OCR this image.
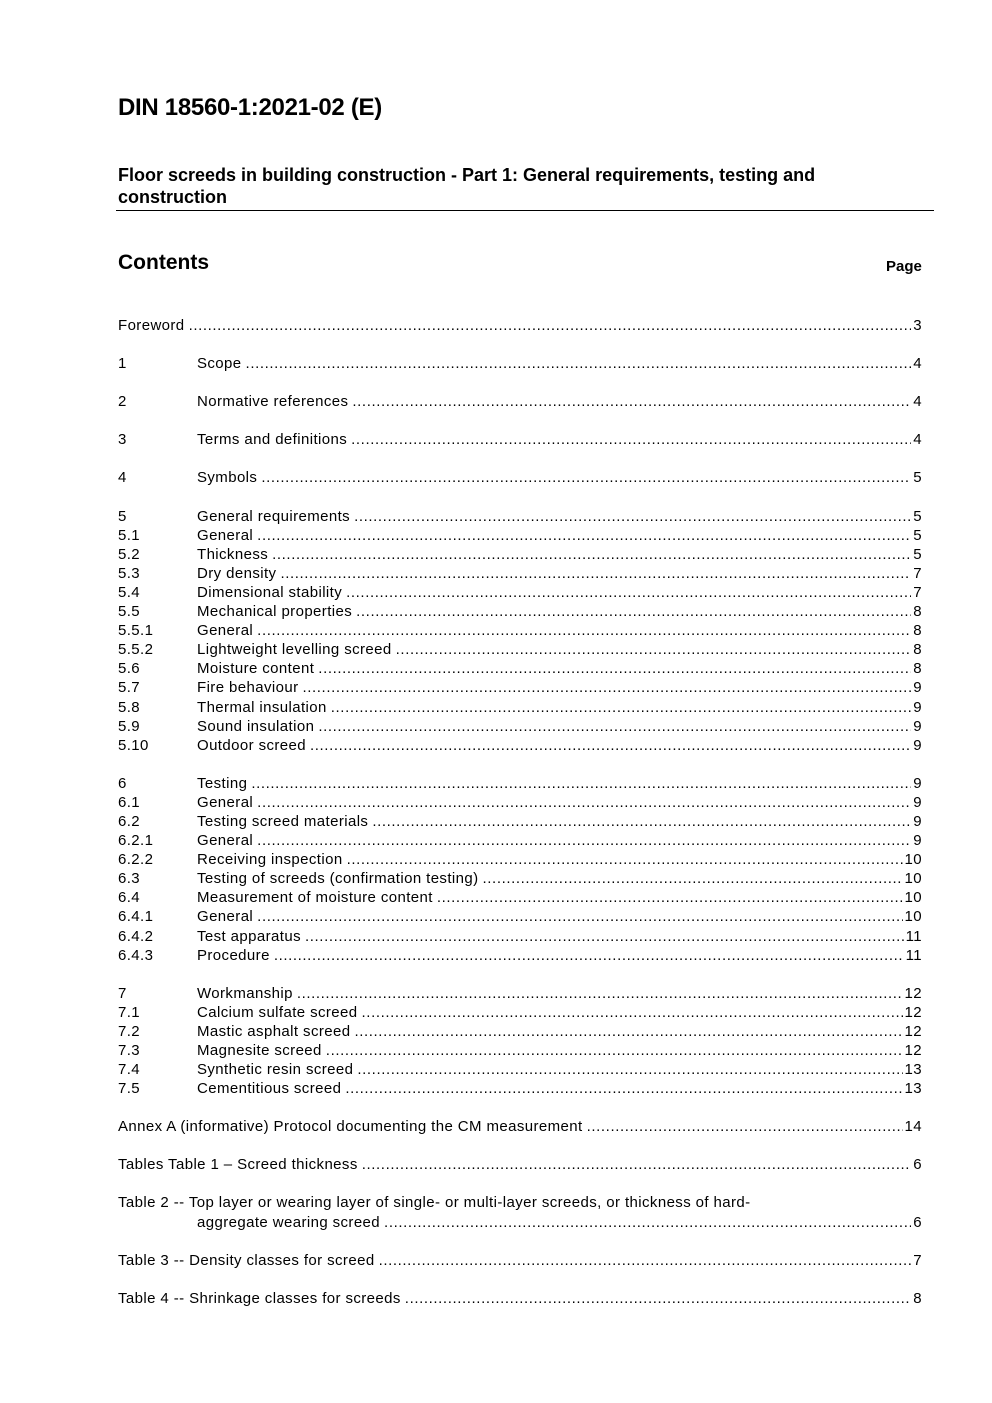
DIN 18560-1:2021-02 (E)
Floor screeds in building construction - Part 1: General requirements, testing and construction
Contents	Page
Foreword .....	3
1	Scope .....	4
2	Normative references .....	4
3	Terms and definitions .....	4
4	Symbols .....	5
5	General requirements .....	5
5.1	General .....	5
5.2	Thickness .....	5
5.3	Dry density .....	7
5.4	Dimensional stability .....	7
5.5	Mechanical properties .....	8
5.5.1	General .....	8
5.5.2	Lightweight levelling screed .....	8
5.6	Moisture content .....	8
5.7	Fire behaviour .....	9
5.8	Thermal insulation .....	9
5.9	Sound insulation .....	9
5.10	Outdoor screed .....	9
6	Testing .....	9
6.1	General .....	9
6.2	Testing screed materials .....	9
6.2.1	General .....	9
6.2.2	Receiving inspection .....	10
6.3	Testing of screeds (confirmation testing) .....	10
6.4	Measurement of moisture content .....	10
6.4.1	General .....	10
6.4.2	Test apparatus .....	11
6.4.3	Procedure .....	11
7	Workmanship .....	12
7.1	Calcium sulfate screed .....	12
7.2	Mastic asphalt screed .....	12
7.3	Magnesite screed .....	12
7.4	Synthetic resin screed .....	13
7.5	Cementitious screed .....	13
Annex A (informative) Protocol documenting the CM measurement .....	14
Tables Table 1 – Screed thickness .....	6
Table 2 -- Top layer or wearing layer of single- or multi-layer screeds, or thickness of hard-
aggregate wearing screed .....	6
Table 3 -- Density classes for screed .....	7
Table 4 -- Shrinkage classes for screeds .....	8
